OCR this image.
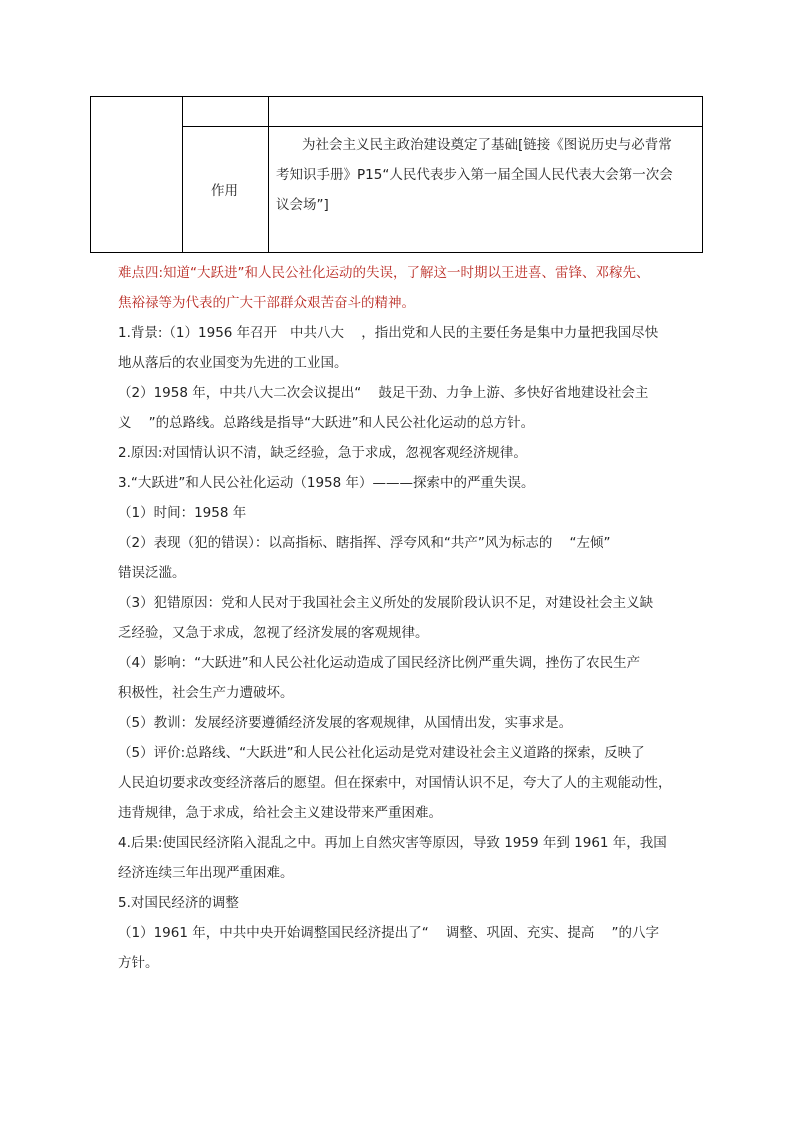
作用
为社会主义民主政治建设奠定了基础[链接《图说历史与必背常
考知识手册》P15“人民代表步入第一届全国人民代表大会第一次会
议会场”]

难点四:知道“大跃进”和人民公社化运动的失误，了解这一时期以王进喜、雷锋、邓稼先、

焦裕禄等为代表的广大干部群众艰苦奋斗的精神。

1.背景:（1）1956 年召开   中共八大    ，指出党和人民的主要任务是集中力量把我国尽快

地从落后的农业国变为先进的工业国。

（2）1958 年，中共八大二次会议提出“    鼓足干劲、力争上游、多快好省地建设社会主

义    ”的总路线。总路线是指导“大跃进”和人民公社化运动的总方针。

2.原因:对国情认识不清，缺乏经验，急于求成，忽视客观经济规律。

3.“大跃进”和人民公社化运动（1958 年）———探索中的严重失误。

（1）时间：1958 年

（2）表现（犯的错误）：以高指标、瞎指挥、浮夸风和“共产”风为标志的    “左倾”

错误泛滥。

（3）犯错原因：党和人民对于我国社会主义所处的发展阶段认识不足，对建设社会主义缺

乏经验，又急于求成，忽视了经济发展的客观规律。

（4）影响：“大跃进”和人民公社化运动造成了国民经济比例严重失调，挫伤了农民生产

积极性，社会生产力遭破坏。

（5）教训：发展经济要遵循经济发展的客观规律，从国情出发，实事求是。

（5）评价:总路线、“大跃进”和人民公社化运动是党对建设社会主义道路的探索，反映了

人民迫切要求改变经济落后的愿望。但在探索中，对国情认识不足，夸大了人的主观能动性，

违背规律，急于求成，给社会主义建设带来严重困难。

4.后果:使国民经济陷入混乱之中。再加上自然灾害等原因，导致 1959 年到 1961 年，我国

经济连续三年出现严重困难。

5.对国民经济的调整

（1）1961 年，中共中央开始调整国民经济提出了“    调整、巩固、充实、提高    ”的八字

方针。
